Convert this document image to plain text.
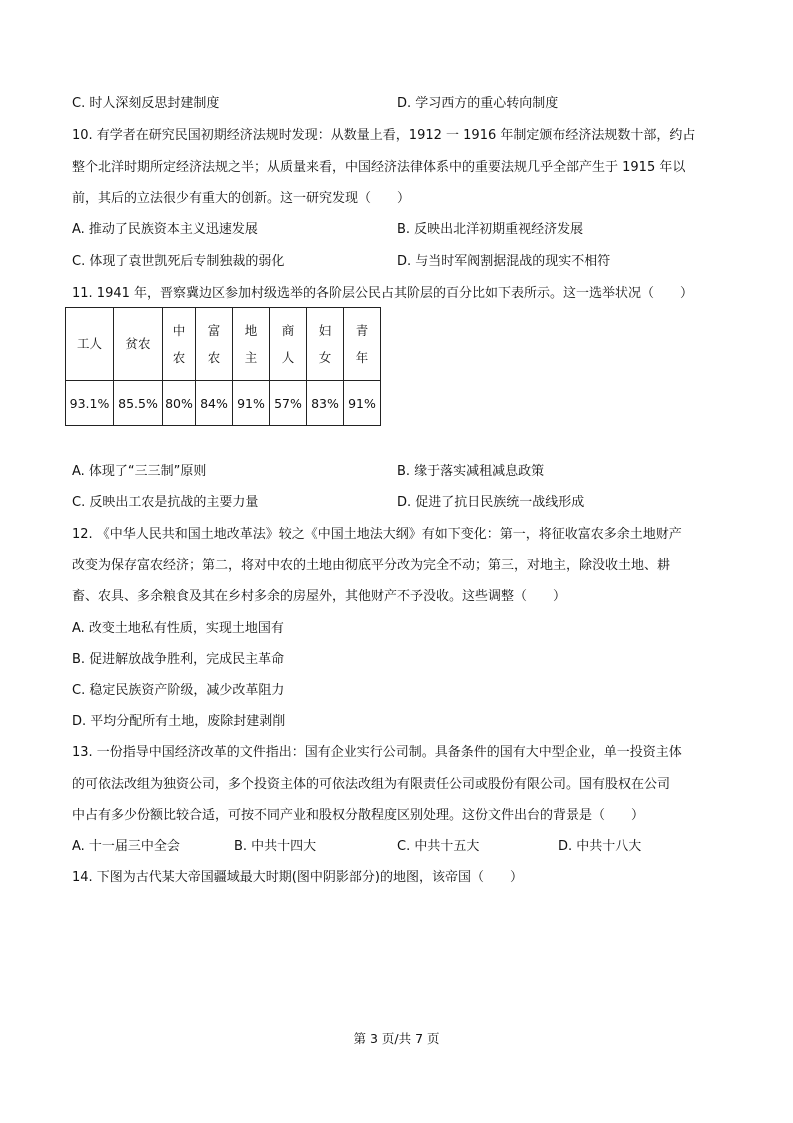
C. 时人深刻反思封建制度	D. 学习西方的重心转向制度
10. 有学者在研究民国初期经济法规时发现：从数量上看，1912 一 1916 年制定颁布经济法规数十部，约占
整个北洋时期所定经济法规之半；从质量来看，中国经济法律体系中的重要法规几乎全部产生于 1915 年以
前，其后的立法很少有重大的创新。这一研究发现（　　）
A. 推动了民族资本主义迅速发展	B. 反映出北洋初期重视经济发展
C. 体现了袁世凯死后专制独裁的弱化	D. 与当时军阀割据混战的现实不相符
11. 1941 年，晋察冀边区参加村级选举的各阶层公民占其阶层的百分比如下表所示。这一选举状况（　　）
工人	贫农	中农	富农	地主	商人	妇女	青年
93.1%	85.5%	80%	84%	91%	57%	83%	91%
A. 体现了“三三制”原则	B. 缘于落实减租减息政策
C. 反映出工农是抗战的主要力量	D. 促进了抗日民族统一战线形成
12. 《中华人民共和国土地改革法》较之《中国土地法大纲》有如下变化：第一，将征收富农多余土地财产
改变为保存富农经济；第二，将对中农的土地由彻底平分改为完全不动；第三，对地主，除没收土地、耕
畜、农具、多余粮食及其在乡村多余的房屋外，其他财产不予没收。这些调整（　　）
A. 改变土地私有性质，实现土地国有
B. 促进解放战争胜利，完成民主革命
C. 稳定民族资产阶级，减少改革阻力
D. 平均分配所有土地，废除封建剥削
13. 一份指导中国经济改革的文件指出：国有企业实行公司制。具备条件的国有大中型企业，单一投资主体
的可依法改组为独资公司，多个投资主体的可依法改组为有限责任公司或股份有限公司。国有股权在公司
中占有多少份额比较合适，可按不同产业和股权分散程度区别处理。这份文件出台的背景是（　　）
A. 十一届三中全会	B. 中共十四大	C. 中共十五大	D. 中共十八大
14. 下图为古代某大帝国疆域最大时期(图中阴影部分)的地图，该帝国（　　）
第 3 页/共 7 页
